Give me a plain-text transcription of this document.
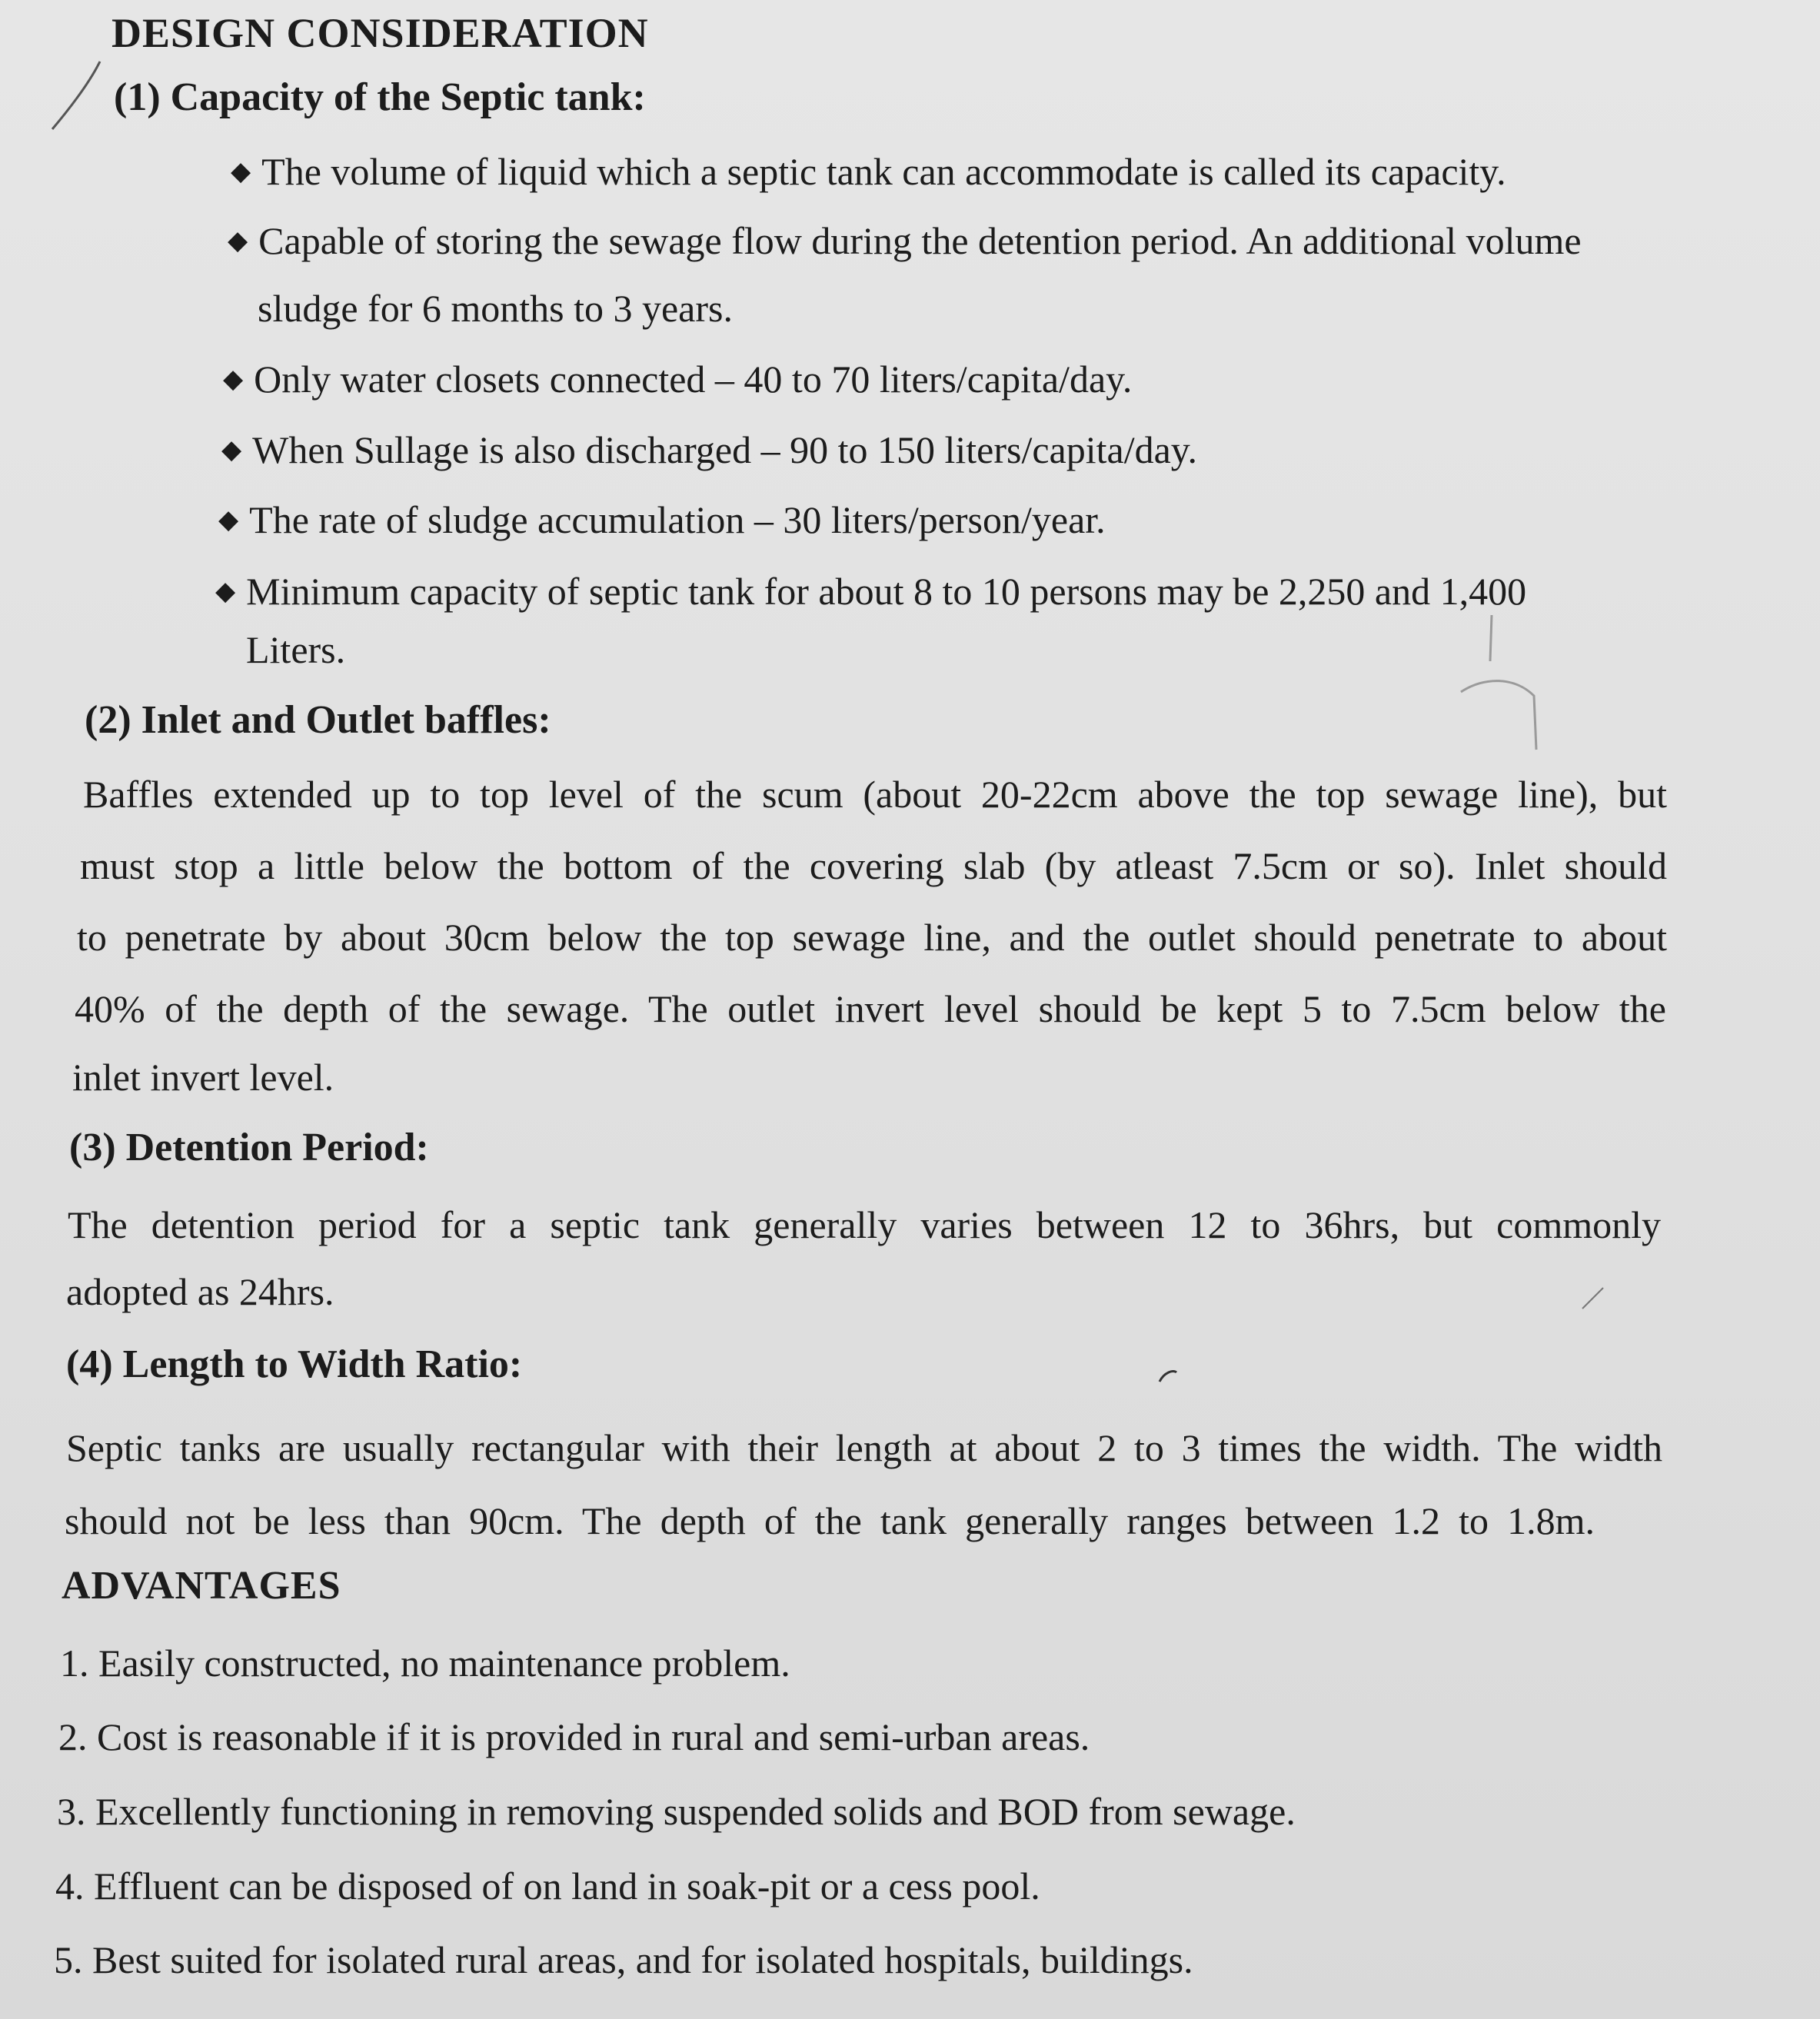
DESIGN CONSIDERATION
(1) Capacity of the Septic tank:
◆ The volume of liquid which a septic tank can accommodate is called its capacity.
◆ Capable of storing the sewage flow during the detention period. An additional volume
sludge for 6 months to 3 years.
◆ Only water closets connected – 40 to 70 liters/capita/day.
◆ When Sullage is also discharged – 90 to 150 liters/capita/day.
◆ The rate of sludge accumulation – 30 liters/person/year.
◆ Minimum capacity of septic tank for about 8 to 10 persons may be 2,250 and 1,400
Liters.
(2) Inlet and Outlet baffles:
Baffles extended up to top level of the scum (about 20-22cm above the top sewage line), but
must stop a little below the bottom of the covering slab (by atleast 7.5cm or so). Inlet should
to penetrate by about 30cm below the top sewage line, and the outlet should penetrate to about
40% of the depth of the sewage. The outlet invert level should be kept 5 to 7.5cm below the
inlet invert level.
(3) Detention Period:
The detention period for a septic tank generally varies between 12 to 36hrs, but commonly
adopted as 24hrs.
(4) Length to Width Ratio:
Septic tanks are usually rectangular with their length at about 2 to 3 times the width. The width
should not be less than 90cm. The depth of the tank generally ranges between 1.2 to 1.8m.
ADVANTAGES
1. Easily constructed, no maintenance problem.
2. Cost is reasonable if it is provided in rural and semi-urban areas.
3. Excellently functioning in removing suspended solids and BOD from sewage.
4. Effluent can be disposed of on land in soak-pit or a cess pool.
5. Best suited for isolated rural areas, and for isolated hospitals, buildings.
